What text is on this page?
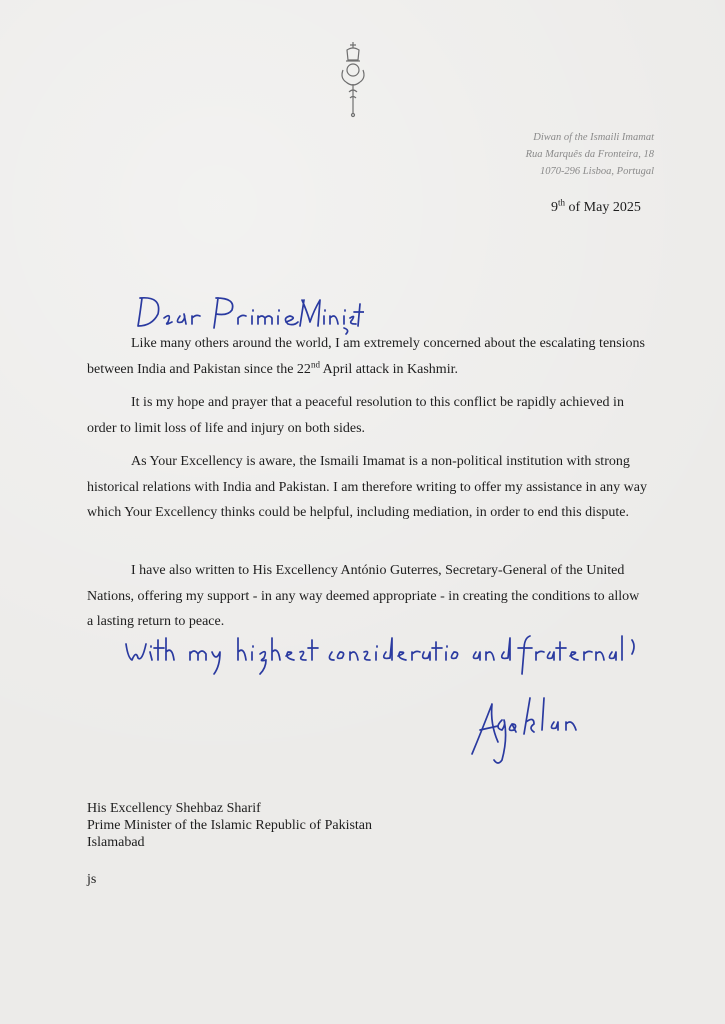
Diwan of the Ismaili Imamat
Rua Marquês da Fronteira, 18
1070-296 Lisboa, Portugal
9th of May 2025

Like many others around the world, I am extremely concerned about the escalating tensions between India and Pakistan since the 22nd April attack in Kashmir.

It is my hope and prayer that a peaceful resolution to this conflict be rapidly achieved in order to limit loss of life and injury on both sides.

As Your Excellency is aware, the Ismaili Imamat is a non-political institution with strong historical relations with India and Pakistan. I am therefore writing to offer my assistance in any way which Your Excellency thinks could be helpful, including mediation, in order to end this dispute.

I have also written to His Excellency António Guterres, Secretary-General of the United Nations, offering my support - in any way deemed appropriate - in creating the conditions to allow a lasting return to peace.

His Excellency Shehbaz Sharif
Prime Minister of the Islamic Republic of Pakistan
Islamabad
js
